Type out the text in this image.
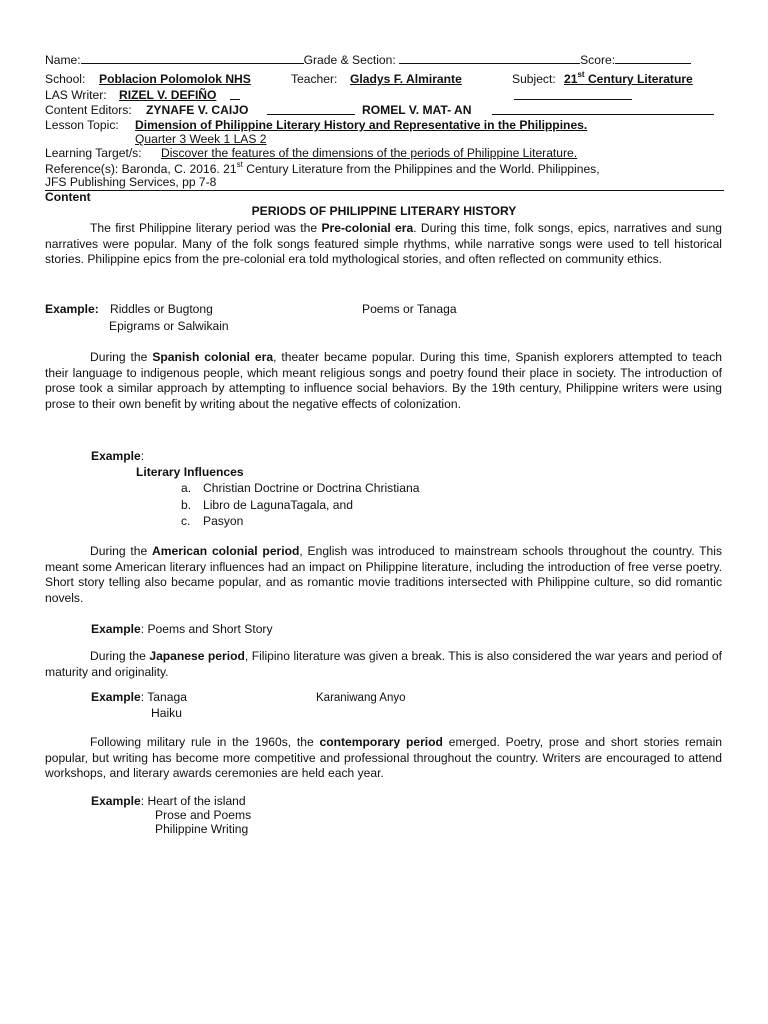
Name:	Grade & Section:	Score:
School: Poblacion Polomolok NHS	Teacher: Gladys F. Almirante	Subject: 21st Century Literature
LAS Writer: RIZEL V. DEFIÑO
Content Editors: ZYNAFE V. CAIJO	ROMEL V. MAT- AN
Lesson Topic: Dimension of Philippine Literary History and Representative in the Philippines.
Quarter 3 Week 1 LAS 2
Learning Target/s: Discover the features of the dimensions of the periods of Philippine Literature.
Reference(s): Baronda, C. 2016. 21st Century Literature from the Philippines and the World. Philippines,
JFS Publishing Services, pp 7-8
Content
PERIODS OF PHILIPPINE LITERARY HISTORY
The first Philippine literary period was the Pre-colonial era. During this time, folk songs, epics, narratives and sung narratives were popular. Many of the folk songs featured simple rhythms, while narrative songs were used to tell historical stories. Philippine epics from the pre-colonial era told mythological stories, and often reflected on community ethics.
Example: Riddles or Bugtong	Poems or Tanaga
Epigrams or Salwikain
During the Spanish colonial era, theater became popular. During this time, Spanish explorers attempted to teach their language to indigenous people, which meant religious songs and poetry found their place in society. The introduction of prose took a similar approach by attempting to influence social behaviors. By the 19th century, Philippine writers were using prose to their own benefit by writing about the negative effects of colonization.
Example:
Literary Influences
a. Christian Doctrine or Doctrina Christiana
b. Libro de LagunaTagala, and
c. Pasyon
During the American colonial period, English was introduced to mainstream schools throughout the country. This meant some American literary influences had an impact on Philippine literature, including the introduction of free verse poetry. Short story telling also became popular, and as romantic movie traditions intersected with Philippine culture, so did romantic novels.
Example: Poems and Short Story
During the Japanese period, Filipino literature was given a break. This is also considered the war years and period of maturity and originality.
Example: Tanaga	Karaniwang Anyo
Haiku
Following military rule in the 1960s, the contemporary period emerged. Poetry, prose and short stories remain popular, but writing has become more competitive and professional throughout the country. Writers are encouraged to attend workshops, and literary awards ceremonies are held each year.
Example: Heart of the island
Prose and Poems
Philippine Writing
